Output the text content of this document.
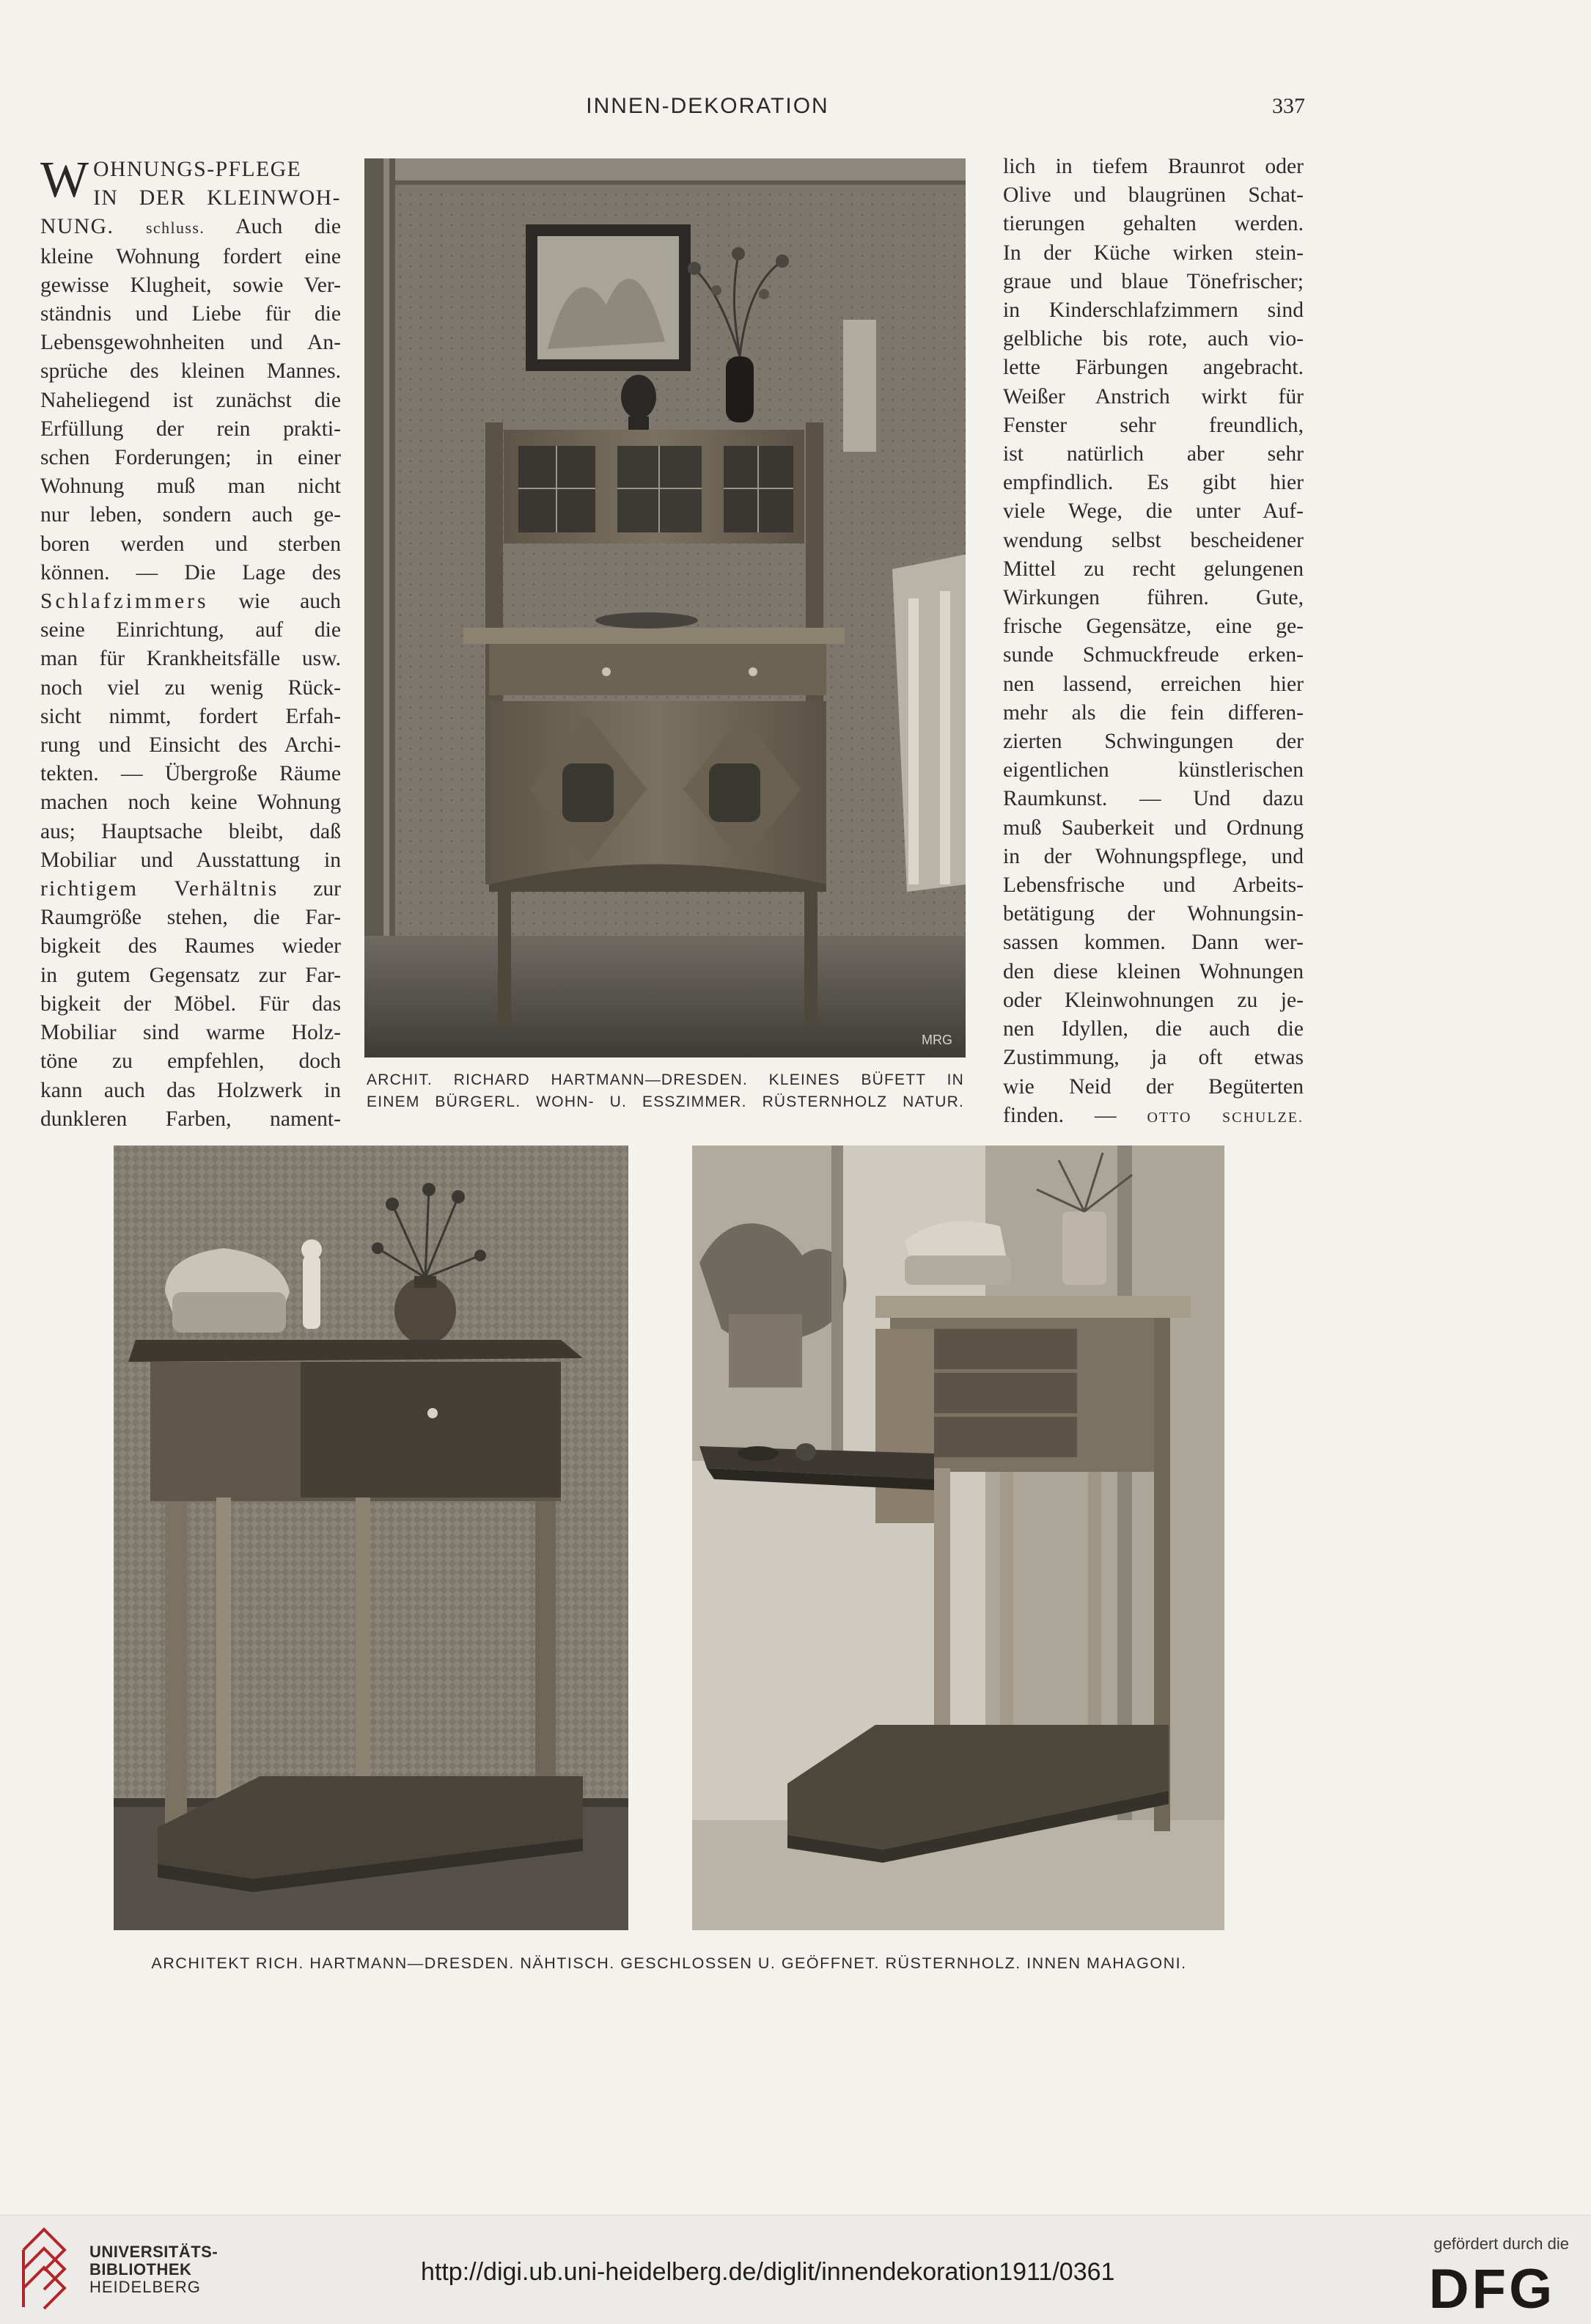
INNEN-DEKORATION	337
W OHNUNGS-PFLEGE
IN DER KLEINWOH-
NUNG. schluss. Auch die
kleine Wohnung fordert eine
gewisse Klugheit, sowie Ver-
ständnis und Liebe für die
Lebensgewohnheiten und An-
sprüche des kleinen Mannes.
Naheliegend ist zunächst die
Erfüllung der rein prakti-
schen Forderungen; in einer
Wohnung muß man nicht
nur leben, sondern auch ge-
boren werden und sterben
können. — Die Lage des
Schlafzimmers wie auch
seine Einrichtung, auf die
man für Krankheitsfälle usw.
noch viel zu wenig Rück-
sicht nimmt, fordert Erfah-
rung und Einsicht des Archi-
tekten. — Übergroße Räume
machen noch keine Wohnung
aus; Hauptsache bleibt, daß
Mobiliar und Ausstattung in
richtigem Verhältnis zur
Raumgröße stehen, die Far-
bigkeit des Raumes wieder
in gutem Gegensatz zur Far-
bigkeit der Möbel. Für das
Mobiliar sind warme Holz-
töne zu empfehlen, doch
kann auch das Holzwerk in
dunkleren Farben, nament-
MRG
ARCHIT. RICHARD HARTMANN—DRESDEN. KLEINES BÜFETT IN
EINEM BÜRGERL. WOHN- U. ESSZIMMER. RÜSTERNHOLZ NATUR.
lich in tiefem Braunrot oder
Olive und blaugrünen Schat-
tierungen gehalten werden.
In der Küche wirken stein-
graue und blaue Tönefrischer;
in Kinderschlafzimmern sind
gelbliche bis rote, auch vio-
lette Färbungen angebracht.
Weißer Anstrich wirkt für
Fenster sehr freundlich,
ist natürlich aber sehr
empfindlich. Es gibt hier
viele Wege, die unter Auf-
wendung selbst bescheidener
Mittel zu recht gelungenen
Wirkungen führen. Gute,
frische Gegensätze, eine ge-
sunde Schmuckfreude erken-
nen lassend, erreichen hier
mehr als die fein differen-
zierten Schwingungen der
eigentlichen künstlerischen
Raumkunst. — Und dazu
muß Sauberkeit und Ordnung
in der Wohnungspflege, und
Lebensfrische und Arbeits-
betätigung der Wohnungsin-
sassen kommen. Dann wer-
den diese kleinen Wohnungen
oder Kleinwohnungen zu je-
nen Idyllen, die auch die
Zustimmung, ja oft etwas
wie Neid der Begüterten
finden. — OTTO SCHULZE.
ARCHITEKT RICH. HARTMANN—DRESDEN. NÄHTISCH. GESCHLOSSEN U. GEÖFFNET. RÜSTERNHOLZ. INNEN MAHAGONI.
UNIVERSITÄTS-
BIBLIOTHEK
HEIDELBERG
http://digi.ub.uni-heidelberg.de/diglit/innendekoration1911/0361
gefördert durch die
DFG
